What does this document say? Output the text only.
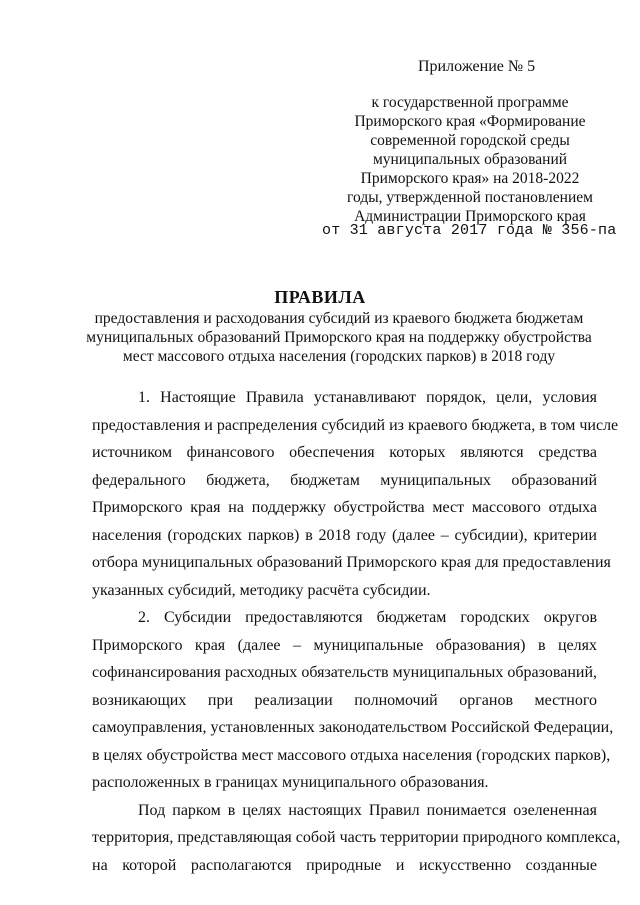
Приложение № 5
к государственной программе
Приморского края «Формирование
современной городской среды
муниципальных образований
Приморского края» на 2018-2022
годы, утвержденной постановлением
Администрации Приморского края
от 31 августа 2017 года № 356-па
ПРАВИЛА
предоставления и расходования субсидий из краевого бюджета бюджетам
муниципальных образований Приморского края на поддержку обустройства
мест массового отдыха населения (городских парков) в 2018 году
1. Настоящие Правила устанавливают порядок, цели, условия
предоставления и распределения субсидий из краевого бюджета, в том числе
источником финансового обеспечения которых являются средства
федерального бюджета, бюджетам муниципальных образований
Приморского края на поддержку обустройства мест массового отдыха
населения (городских парков) в 2018 году (далее – субсидии), критерии
отбора муниципальных образований Приморского края для предоставления
указанных субсидий, методику расчёта субсидии.
2. Субсидии предоставляются бюджетам городских округов
Приморского края (далее – муниципальные образования) в целях
софинансирования расходных обязательств муниципальных образований,
возникающих при реализации полномочий органов местного
самоуправления, установленных законодательством Российской Федерации,
в целях обустройства мест массового отдыха населения (городских парков),
расположенных в границах муниципального образования.
Под парком в целях настоящих Правил понимается озелененная
территория, представляющая собой часть территории природного комплекса,
на которой располагаются природные и искусственно созданные
